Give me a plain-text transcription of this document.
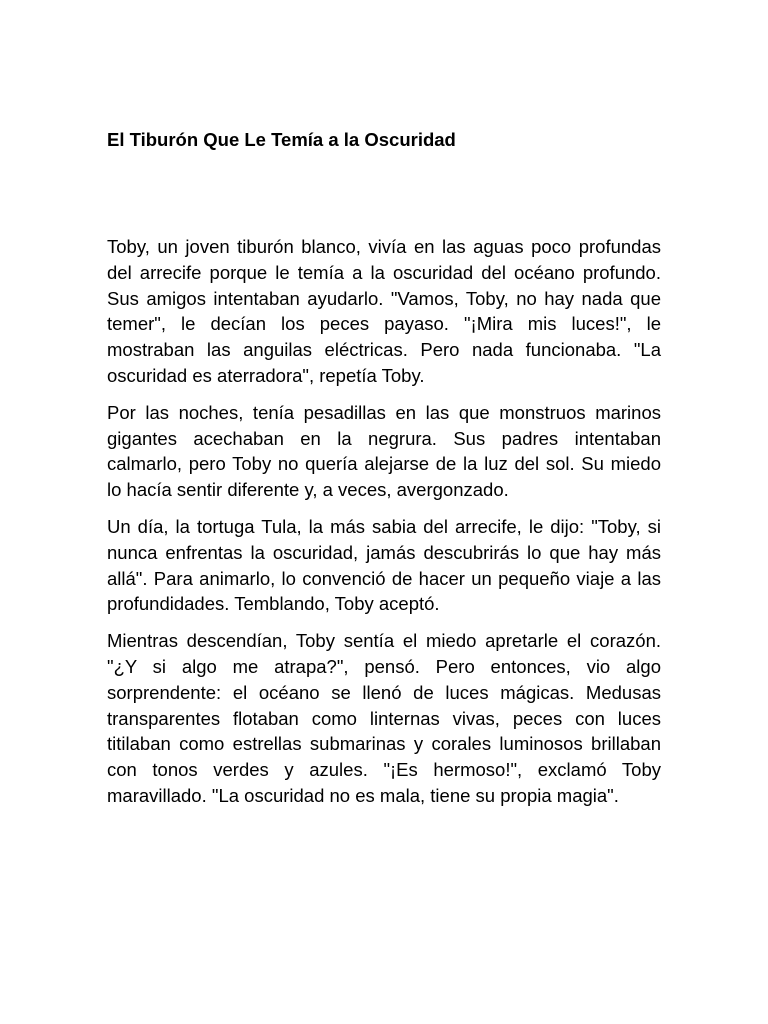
El Tiburón Que Le Temía a la Oscuridad

Toby, un joven tiburón blanco, vivía en las aguas poco profundas del arrecife porque le temía a la oscuridad del océano profundo. Sus amigos intentaban ayudarlo. "Vamos, Toby, no hay nada que temer", le decían los peces payaso. "¡Mira mis luces!", le mostraban las anguilas eléctricas. Pero nada funcionaba. "La oscuridad es aterradora", repetía Toby.

Por las noches, tenía pesadillas en las que monstruos marinos gigantes acechaban en la negrura. Sus padres intentaban calmarlo, pero Toby no quería alejarse de la luz del sol. Su miedo lo hacía sentir diferente y, a veces, avergonzado.

Un día, la tortuga Tula, la más sabia del arrecife, le dijo: "Toby, si nunca enfrentas la oscuridad, jamás descubrirás lo que hay más allá". Para animarlo, lo convenció de hacer un pequeño viaje a las profundidades. Temblando, Toby aceptó.

Mientras descendían, Toby sentía el miedo apretarle el corazón. "¿Y si algo me atrapa?", pensó. Pero entonces, vio algo sorprendente: el océano se llenó de luces mágicas. Medusas transparentes flotaban como linternas vivas, peces con luces titilaban como estrellas submarinas y corales luminosos brillaban con tonos verdes y azules. "¡Es hermoso!", exclamó Toby maravillado. "La oscuridad no es mala, tiene su propia magia".
